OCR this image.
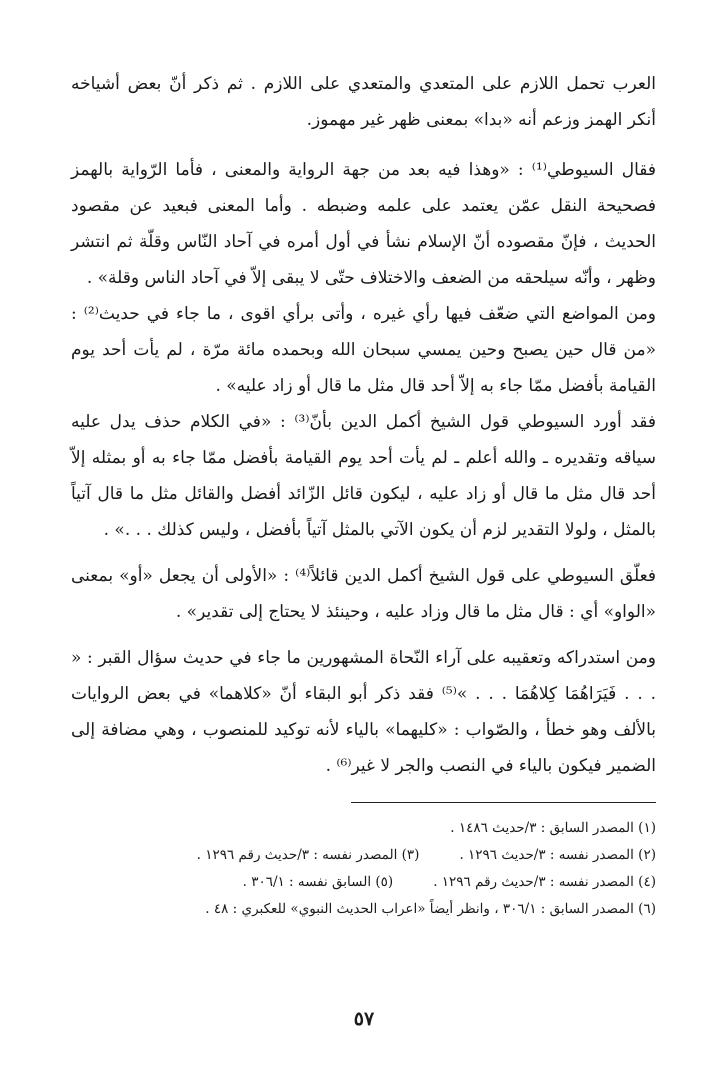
العرب تحمل اللازم على المتعدي والمتعدي على اللازم . ثم ذكر أنّ بعض أشياخه أنكر الهمز وزعم أنه «بدا» بمعنى ظهر غير مهموز.

فقال السيوطي⁽¹⁾ : «وهذا فيه بعد من جهة الرواية والمعنى ، فأما الرّواية بالهمز فصحيحة النقل عمّن يعتمد على علمه وضبطه . وأما المعنى فبعيد عن مقصود الحديث ، فإنّ مقصوده أنّ الإسلام نشأ في أول أمره في آحاد النّاس وقلّة ثم انتشر وظهر ، وأنّه سيلحقه من الضعف والاختلاف حتّى لا يبقى إلاّ في آحاد الناس وقلة» .

ومن المواضع التي ضعّف فيها رأي غيره ، وأتى برأي اقوى ، ما جاء في حديث⁽²⁾ : «من قال حين يصبح وحين يمسي سبحان الله وبحمده مائة مرّة ، لم يأت أحد يوم القيامة بأفضل ممّا جاء به إلاّ أحد قال مثل ما قال أو زاد عليه» .

فقد أورد السيوطي قول الشيخ أكمل الدين بأنّ⁽³⁾ : «في الكلام حذف يدل عليه سياقه وتقديره ـ والله أعلم ـ لم يأت أحد يوم القيامة بأفضل ممّا جاء به أو بمثله إلاّ أحد قال مثل ما قال أو زاد عليه ، ليكون قائل الزّائد أفضل والقائل مثل ما قال آتياً بالمثل ، ولولا التقدير لزم أن يكون الآتي بالمثل آتياً بأفضل ، وليس كذلك . . .» .

فعلّق السيوطي على قول الشيخ أكمل الدين قائلاً⁽⁴⁾ : «الأولى أن يجعل «أو» بمعنى «الواو» أي : قال مثل ما قال وزاد عليه ، وحينئذ لا يحتاج إلى تقدير» .

ومن استدراكه وتعقيبه على آراء النّحاة المشهورين ما جاء في حديث سؤال القبر : « . . . فَيَرَاهُمَا كِلاهُمَا . . . »⁽⁵⁾ فقد ذكر أبو البقاء أنّ «كلاهما» في بعض الروايات بالألف وهو خطأ ، والصّواب : «كليهما» بالياء لأنه توكيد للمنصوب ، وهي مضافة إلى الضمير فيكون بالياء في النصب والجر لا غير⁽⁶⁾ .

(١) المصدر السابق : ٣/حديث ١٤٨٦ .
(٢) المصدر نفسه : ٣/حديث ١٢٩٦ .
(٣) المصدر نفسه : ٣/حديث رقم ١٢٩٦ .
(٤) المصدر نفسه : ٣/حديث رقم ١٢٩٦ .
(٥) السابق نفسه : ٣٠٦/١ .
(٦) المصدر السابق : ٣٠٦/١ ، وانظر أيضاً «اعراب الحديث النبوي» للعكبري : ٤٨ .
٥٧
